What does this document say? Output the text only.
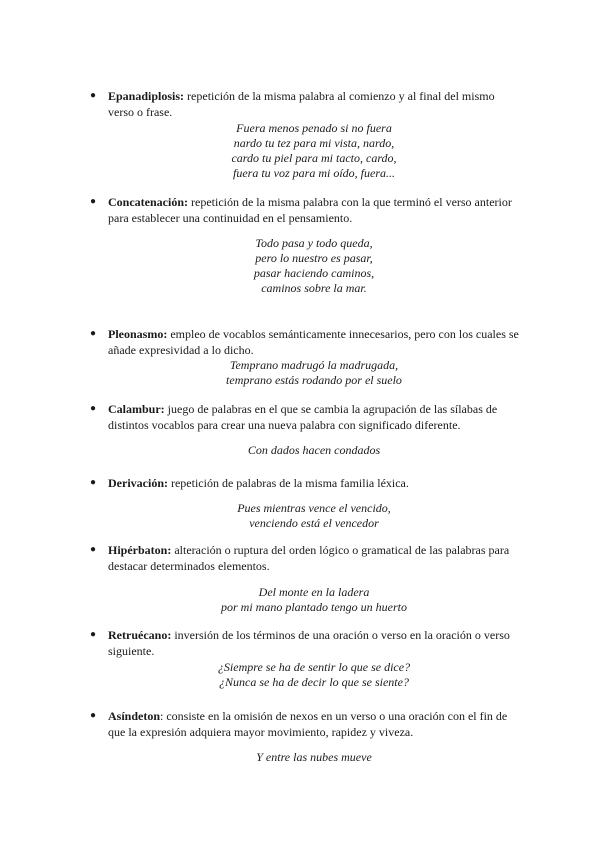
● Epanadiplosis: repetición de la misma palabra al comienzo y al final del mismo verso o frase.

Fuera menos penado si no fuera
nardo tu tez para mi vista, nardo,
cardo tu piel para mi tacto, cardo,
fuera tu voz para mi oído, fuera...
● Concatenación: repetición de la misma palabra con la que terminó el verso anterior para establecer una continuidad en el pensamiento.

Todo pasa y todo queda,
pero lo nuestro es pasar,
pasar haciendo caminos,
caminos sobre la mar.
● Pleonasmo: empleo de vocablos semánticamente innecesarios, pero con los cuales se añade expresividad a lo dicho.

Temprano madrugó la madrugada,
temprano estás rodando por el suelo
● Calambur: juego de palabras en el que se cambia la agrupación de las sílabas de distintos vocablos para crear una nueva palabra con significado diferente.

Con dados hacen condados
● Derivación: repetición de palabras de la misma familia léxica.

Pues mientras vence el vencido,
venciendo está el vencedor
● Hipérbaton: alteración o ruptura del orden lógico o gramatical de las palabras para destacar determinados elementos.

Del monte en la ladera
por mi mano plantado tengo un huerto
● Retruécano: inversión de los términos de una oración o verso en la oración o verso siguiente.

¿Siempre se ha de sentir lo que se dice?
¿Nunca se ha de decir lo que se siente?
● Asíndeton: consiste en la omisión de nexos en un verso o una oración con el fin de que la expresión adquiera mayor movimiento, rapidez y viveza.

Y entre las nubes mueve
